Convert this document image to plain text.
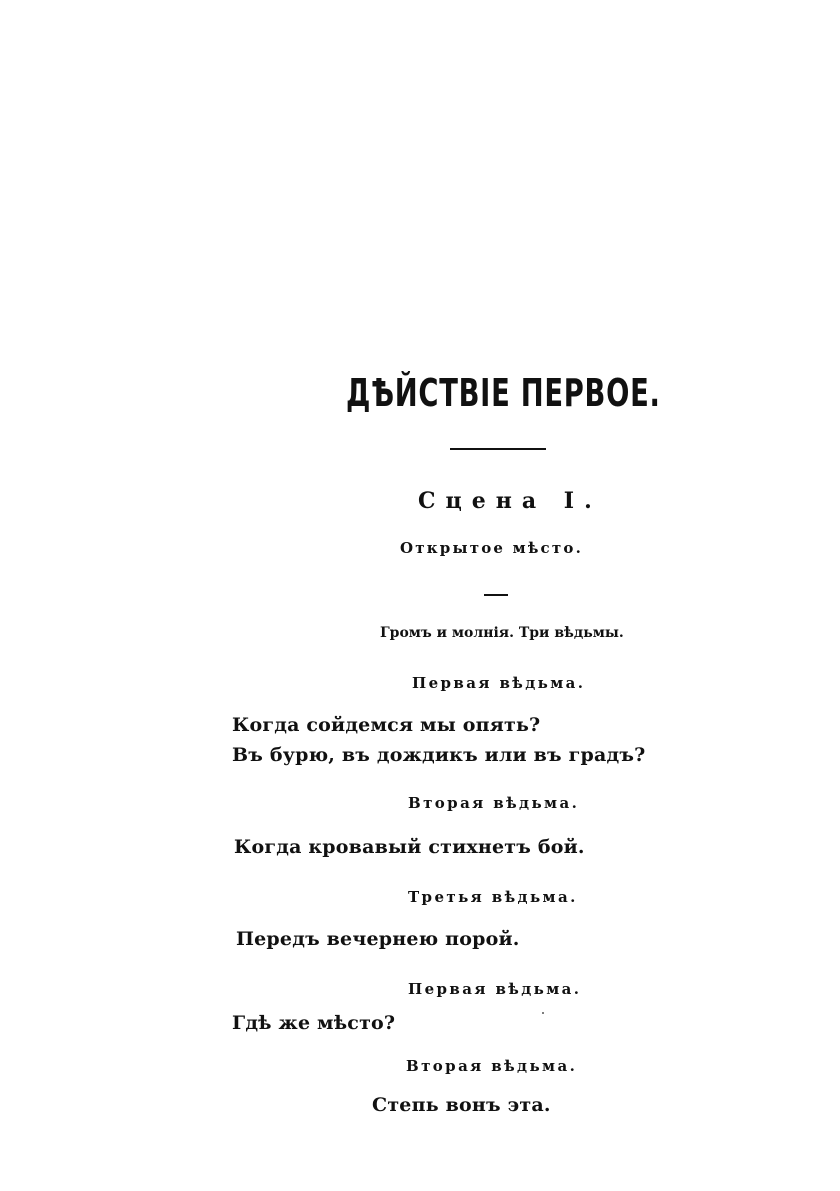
ДѢЙСТВІЕ ПЕРВОЕ.
Сцена I.
Открытое мѣсто.
Громъ и молнія. Три вѣдьмы.
Первая вѣдьма.
Когда сойдемся мы опять?
Въ бурю, въ дождикъ или въ градъ?
Вторая вѣдьма.
Когда кровавый стихнетъ бой.
Третья вѣдьма.
Передъ вечернею порой.
Первая вѣдьма.
Гдѣ же мѣсто?
Вторая вѣдьма.
Степь вонъ эта.
